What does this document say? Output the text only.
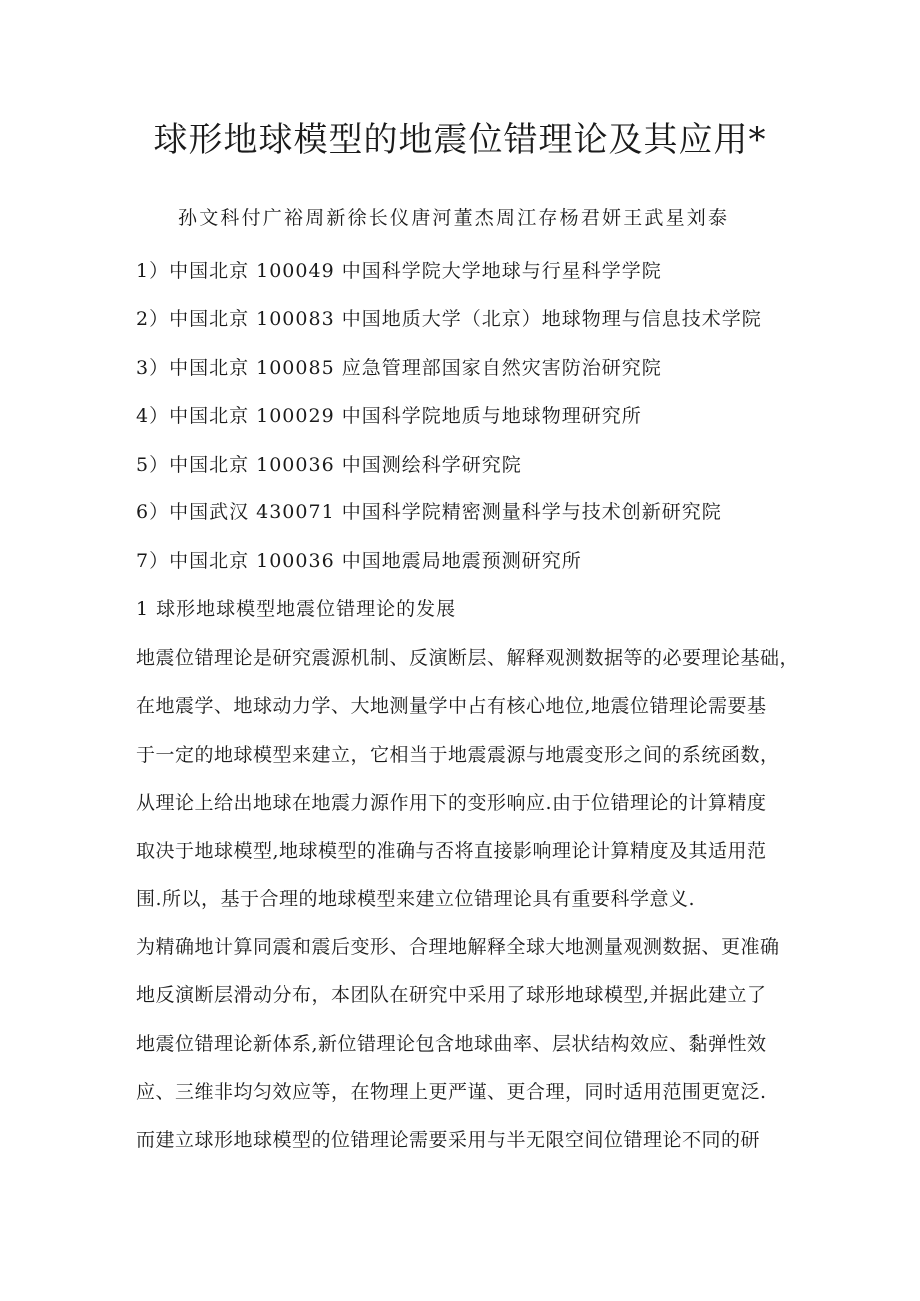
球形地球模型的地震位错理论及其应用*

孙文科付广裕周新徐长仪唐河董杰周江存杨君妍王武星刘泰

1）中国北京 100049 中国科学院大学地球与行星科学学院

2）中国北京 100083 中国地质大学（北京）地球物理与信息技术学院

3）中国北京 100085 应急管理部国家自然灾害防治研究院

4）中国北京 100029 中国科学院地质与地球物理研究所

5）中国北京 100036 中国测绘科学研究院

6）中国武汉 430071 中国科学院精密测量科学与技术创新研究院

7）中国北京 100036 中国地震局地震预测研究所

1 球形地球模型地震位错理论的发展

地震位错理论是研究震源机制、反演断层、解释观测数据等的必要理论基础，

在地震学、地球动力学、大地测量学中占有核心地位,地震位错理论需要基

于一定的地球模型来建立，它相当于地震震源与地震变形之间的系统函数，

从理论上给出地球在地震力源作用下的变形响应.由于位错理论的计算精度

取决于地球模型,地球模型的准确与否将直接影响理论计算精度及其适用范

围.所以，基于合理的地球模型来建立位错理论具有重要科学意义.

为精确地计算同震和震后变形、合理地解释全球大地测量观测数据、更准确

地反演断层滑动分布，本团队在研究中采用了球形地球模型,并据此建立了

地震位错理论新体系,新位错理论包含地球曲率、层状结构效应、黏弹性效

应、三维非均匀效应等，在物理上更严谨、更合理，同时适用范围更宽泛.

而建立球形地球模型的位错理论需要采用与半无限空间位错理论不同的研
